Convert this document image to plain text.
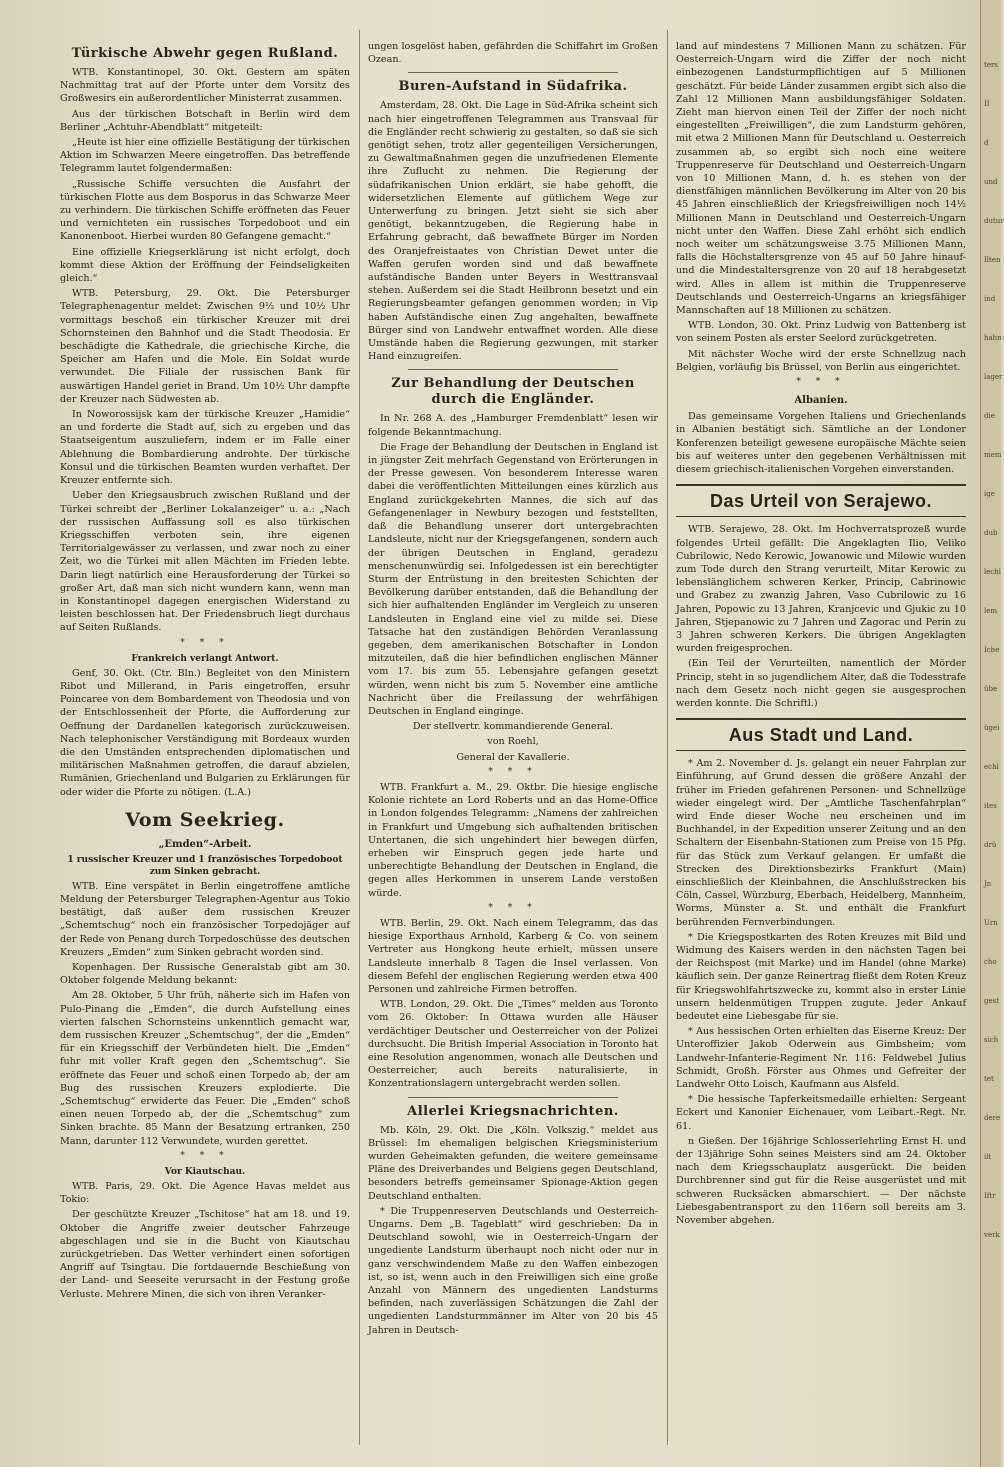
Türkische Abwehr gegen Rußland.

WTB. Konstantinopel, 30. Okt. Gestern am späten Nachmittag trat auf der Pforte unter dem Vorsitz des Großwesirs ein außerordentlicher Ministerrat zusammen.

Aus der türkischen Botschaft in Berlin wird dem Berliner „Achtuhr-Abendblatt“ mitgeteilt:

„Heute ist hier eine offizielle Bestätigung der türkischen Aktion im Schwarzen Meere eingetroffen. Das betreffende Telegramm lautet folgendermaßen:

„Russische Schiffe versuchten die Ausfahrt der türkischen Flotte aus dem Bosporus in das Schwarze Meer zu verhindern. Die türkischen Schiffe eröffneten das Feuer und vernichteten ein russisches Torpedoboot und ein Kanonenboot. Hierbei wurden 80 Gefangene gemacht.“

Eine offizielle Kriegserklärung ist nicht erfolgt, doch kommt diese Aktion der Eröffnung der Feindseligkeiten gleich.“

WTB. Petersburg, 29. Okt. Die Petersburger Telegraphenagentur meldet: Zwischen 9½ und 10½ Uhr vormittags beschoß ein türkischer Kreuzer mit drei Schornsteinen den Bahnhof und die Stadt Theodosia. Er beschädigte die Kathedrale, die griechische Kirche, die Speicher am Hafen und die Mole. Ein Soldat wurde verwundet. Die Filiale der russischen Bank für auswärtigen Handel geriet in Brand. Um 10½ Uhr dampfte der Kreuzer nach Südwesten ab.

In Noworossijsk kam der türkische Kreuzer „Hamidie“ an und forderte die Stadt auf, sich zu ergeben und das Staatseigentum auszuliefern, indem er im Falle einer Ablehnung die Bombardierung androhte. Der türkische Konsul und die türkischen Beamten wurden verhaftet. Der Kreuzer entfernte sich.

Ueber den Kriegsausbruch zwischen Rußland und der Türkei schreibt der „Berliner Lokalanzeiger“ u. a.: „Nach der russischen Auffassung soll es also türkischen Kriegsschiffen verboten sein, ihre eigenen Territorialgewässer zu verlassen, und zwar noch zu einer Zeit, wo die Türkei mit allen Mächten im Frieden lebte. Darin liegt natürlich eine Herausforderung der Türkei so großer Art, daß man sich nicht wundern kann, wenn man in Konstantinopel dagegen energischen Widerstand zu leisten beschlossen hat. Der Friedensbruch liegt durchaus auf Seiten Rußlands.

* * *
Frankreich verlangt Antwort.

Genf, 30. Okt. (Ctr. Bln.) Begleitet von den Ministern Ribot und Millerand, in Paris eingetroffen, ersuhr Poincaree von dem Bombardement von Theodosia und von der Entschlossenheit der Pforte, die Aufforderung zur Oeffnung der Dardanellen kategorisch zurückzuweisen. Nach telephonischer Verständigung mit Bordeaux wurden die den Umständen entsprechenden diplomatischen und militärischen Maßnahmen getroffen, die darauf abzielen, Rumänien, Griechenland und Bulgarien zu Erklärungen für oder wider die Pforte zu nötigen. (L.A.)

Vom Seekrieg.
„Emden“-Arbeit.
1 russischer Kreuzer und 1 französisches Torpedoboot zum Sinken gebracht.

WTB. Eine verspätet in Berlin eingetroffene amtliche Meldung der Petersburger Telegraphen-Agentur aus Tokio bestätigt, daß außer dem russischen Kreuzer „Schemtschug“ noch ein französischer Torpedojäger auf der Rede von Penang durch Torpedoschüsse des deutschen Kreuzers „Emden“ zum Sinken gebracht worden sind.

Kopenhagen. Der Russische Generalstab gibt am 30. Oktober folgende Meldung bekannt:

Am 28. Oktober, 5 Uhr früh, näherte sich im Hafen von Pulo-Pinang die „Emden“, die durch Aufstellung eines vierten falschen Schornsteins unkenntlich gemacht war, dem russischen Kreuzer „Schemtschug“, der die „Emden“ für ein Kriegsschiff der Verbündeten hielt. Die „Emden“ fuhr mit voller Kraft gegen den „Schemtschug“. Sie eröffnete das Feuer und schoß einen Torpedo ab, der am Bug des russischen Kreuzers explodierte. Die „Schemtschug“ erwiderte das Feuer. Die „Emden“ schoß einen neuen Torpedo ab, der die „Schemtschug“ zum Sinken brachte. 85 Mann der Besatzung ertranken, 250 Mann, darunter 112 Verwundete, wurden gerettet.

* * *
Vor Kiautschau.

WTB. Paris, 29. Okt. Die Agence Havas meldet aus Tokio:

Der geschützte Kreuzer „Tschitose“ hat am 18. und 19. Oktober die Angriffe zweier deutscher Fahrzeuge abgeschlagen und sie in die Bucht von Kiautschau zurückgetrieben. Das Wetter verhindert einen sofortigen Angriff auf Tsingtau. Die fortdauernde Beschießung von der Land- und Seeseite verursacht in der Festung große Verluste. Mehrere Minen, die sich von ihren Veranker-

ungen losgelöst haben, gefährden die Schiffahrt im Großen Ozean.

Buren-Aufstand in Südafrika.

Amsterdam, 28. Okt. Die Lage in Süd-Afrika scheint sich nach hier eingetroffenen Telegrammen aus Transvaal für die Engländer recht schwierig zu gestalten, so daß sie sich genötigt sehen, trotz aller gegenteiligen Versicherungen, zu Gewaltmaßnahmen gegen die unzufriedenen Elemente ihre Zuflucht zu nehmen. Die Regierung der südafrikanischen Union erklärt, sie habe gehofft, die widersetzlichen Elemente auf gütlichem Wege zur Unterwerfung zu bringen. Jetzt sieht sie sich aber genötigt, bekanntzugeben, die Regierung habe in Erfahrung gebracht, daß bewaffnete Bürger im Norden des Oranjefreistaates von Christian Dewet unter die Waffen gerufen worden sind und daß bewaffnete aufständische Banden unter Beyers in Westtransvaal stehen. Außerdem sei die Stadt Heilbronn besetzt und ein Regierungsbeamter gefangen genommen worden; in Vip haben Aufständische einen Zug angehalten, bewaffnete Bürger sind von Landwehr entwaffnet worden. Alle diese Umstände haben die Regierung gezwungen, mit starker Hand einzugreifen.

Zur Behandlung der Deutschen durch die Engländer.

In Nr. 268 A. des „Hamburger Fremdenblatt“ lesen wir folgende Bekanntmachung.

Die Frage der Behandlung der Deutschen in England ist in jüngster Zeit mehrfach Gegenstand von Erörterungen in der Presse gewesen. Von besonderem Interesse waren dabei die veröffentlichten Mitteilungen eines kürzlich aus England zurückgekehrten Mannes, die sich auf das Gefangenenlager in Newbury bezogen und feststellten, daß die Behandlung unserer dort untergebrachten Landsleute, nicht nur der Kriegsgefangenen, sondern auch der übrigen Deutschen in England, geradezu menschenunwürdig sei. Infolgedessen ist ein berechtigter Sturm der Entrüstung in den breitesten Schichten der Bevölkerung darüber entstanden, daß die Behandlung der sich hier aufhaltenden Engländer im Vergleich zu unseren Landsleuten in England eine viel zu milde sei. Diese Tatsache hat den zuständigen Behörden Veranlassung gegeben, dem amerikanischen Botschafter in London mitzuteilen, daß die hier befindlichen englischen Männer vom 17. bis zum 55. Lebensjahre gefangen gesetzt würden, wenn nicht bis zum 5. November eine amtliche Nachricht über die Freilassung der wehrfähigen Deutschen in England einginge.

Der stellvertr. kommandierende General.

von Roehl,

General der Kavallerie.

* * *

WTB. Frankfurt a. M., 29. Oktbr. Die hiesige englische Kolonie richtete an Lord Roberts und an das Home-Office in London folgendes Telegramm: „Namens der zahlreichen in Frankfurt und Umgebung sich aufhaltenden britischen Untertanen, die sich ungehindert hier bewegen dürfen, erheben wir Einspruch gegen jede harte und unberechtigte Behandlung der Deutschen in England, die gegen alles Herkommen in unserem Lande verstoßen würde.

* * *

WTB. Berlin, 29. Okt. Nach einem Telegramm, das das hiesige Exporthaus Arnhold, Karberg & Co. von seinem Vertreter aus Hongkong heute erhielt, müssen unsere Landsleute innerhalb 8 Tagen die Insel verlassen. Von diesem Befehl der englischen Regierung werden etwa 400 Personen und zahlreiche Firmen betroffen.

WTB. London, 29. Okt. Die „Times“ melden aus Toronto vom 26. Oktober: In Ottawa wurden alle Häuser verdächtiger Deutscher und Oesterreicher von der Polizei durchsucht. Die British Imperial Association in Toronto hat eine Resolution angenommen, wonach alle Deutschen und Oesterreicher, auch bereits naturalisierte, in Konzentrationslagern untergebracht werden sollen.

Allerlei Kriegsnachrichten.

Mb. Köln, 29. Okt. Die „Köln. Volkszig.“ meldet aus Brüssel: Im ehemaligen belgischen Kriegsministerium wurden Geheimakten gefunden, die weitere gemeinsame Pläne des Dreiverbandes und Belgiens gegen Deutschland, besonders betreffs gemeinsamer Spionage-Aktion gegen Deutschland enthalten.

* Die Truppenreserven Deutschlands und Oesterreich-Ungarns. Dem „B. Tageblatt“ wird geschrieben: Da in Deutschland sowohl, wie in Oesterreich-Ungarn der ungediente Landsturm überhaupt noch nicht oder nur in ganz verschwindendem Maße zu den Waffen einbezogen ist, so ist, wenn auch in den Freiwilligen sich eine große Anzahl von Männern des ungedienten Landsturms befinden, nach zuverlässigen Schätzungen die Zahl der ungedienten Landsturmmänner im Alter von 20 bis 45 Jahren in Deutsch-

land auf mindestens 7 Millionen Mann zu schätzen. Für Oesterreich-Ungarn wird die Ziffer der noch nicht einbezogenen Landsturmpflichtigen auf 5 Millionen geschätzt. Für beide Länder zusammen ergibt sich also die Zahl 12 Millionen Mann ausbildungsfähiger Soldaten. Zieht man hiervon einen Teil der Ziffer der noch nicht eingestellten „Freiwilligen“, die zum Landsturm gehören, mit etwa 2 Millionen Mann für Deutschland u. Oesterreich zusammen ab, so ergibt sich noch eine weitere Truppenreserve für Deutschland und Oesterreich-Ungarn von 10 Millionen Mann, d. h. es stehen von der dienstfähigen männlichen Bevölkerung im Alter von 20 bis 45 Jahren einschließlich der Kriegsfreiwilligen noch 14½ Millionen Mann in Deutschland und Oesterreich-Ungarn nicht unter den Waffen. Diese Zahl erhöht sich endlich noch weiter um schätzungsweise 3.75 Millionen Mann, falls die Höchstaltersgrenze von 45 auf 50 Jahre hinauf- und die Mindestaltersgrenze von 20 auf 18 herabgesetzt wird. Alles in allem ist mithin die Truppenreserve Deutschlands und Oesterreich-Ungarns an kriegsfähiger Mannschaften auf 18 Millionen zu schätzen.

WTB. London, 30. Okt. Prinz Ludwig von Battenberg ist von seinem Posten als erster Seelord zurückgetreten.

Mit nächster Woche wird der erste Schnellzug nach Belgien, vorläufig bis Brüssel, von Berlin aus eingerichtet.

* * *
Albanien.

Das gemeinsame Vorgehen Italiens und Griechenlands in Albanien bestätigt sich. Sämtliche an der Londoner Konferenzen beteiligt gewesene europäische Mächte seien bis auf weiteres unter den gegebenen Verhältnissen mit diesem griechisch-italienischen Vorgehen einverstanden.

Das Urteil von Serajewo.

WTB. Serajewo, 28. Okt. Im Hochverratsprozeß wurde folgendes Urteil gefällt: Die Angeklagten Ilio, Veliko Cubrilowic, Nedo Kerowic, Jowanowic und Milowic wurden zum Tode durch den Strang verurteilt, Mitar Kerowic zu lebenslänglichem schweren Kerker, Princip, Cabrinowic und Grabez zu zwanzig Jahren, Vaso Cubrilowic zu 16 Jahren, Popowic zu 13 Jahren, Kranjcevic und Gjukic zu 10 Jahren, Stjepanowic zu 7 Jahren und Zagorac und Perin zu 3 Jahren schweren Kerkers. Die übrigen Angeklagten wurden freigesprochen.

(Ein Teil der Verurteilten, namentlich der Mörder Princip, steht in so jugendlichem Alter, daß die Todesstrafe nach dem Gesetz noch nicht gegen sie ausgesprochen werden konnte. Die Schriftl.)

Aus Stadt und Land.

* Am 2. November d. Js. gelangt ein neuer Fahrplan zur Einführung, auf Grund dessen die größere Anzahl der früher im Frieden gefahrenen Personen- und Schnellzüge wieder eingelegt wird. Der „Amtliche Taschenfahrplan“ wird Ende dieser Woche neu erscheinen und im Buchhandel, in der Expedition unserer Zeitung und an den Schaltern der Eisenbahn-Stationen zum Preise von 15 Pfg. für das Stück zum Verkauf gelangen. Er umfaßt die Strecken des Direktionsbezirks Frankfurt (Main) einschließlich der Kleinbahnen, die Anschlußstrecken bis Cöln, Cassel, Würzburg, Eberbach, Heidelberg, Mannheim, Worms, Münster a. St. und enthält die Frankfurt berührenden Fernverbindungen.

* Die Kriegspostkarten des Roten Kreuzes mit Bild und Widmung des Kaisers werden in den nächsten Tagen bei der Reichspost (mit Marke) und im Handel (ohne Marke) käuflich sein. Der ganze Reinertrag fließt dem Roten Kreuz für Kriegswohlfahrtszwecke zu, kommt also in erster Linie unsern heldenmütigen Truppen zugute. Jeder Ankauf bedeutet eine Liebesgabe für sie.

* Aus hessischen Orten erhielten das Eiserne Kreuz: Der Unteroffizier Jakob Oderwein aus Gimbsheim; vom Landwehr-Infanterie-Regiment Nr. 116: Feldwebel Julius Schmidt, Großh. Förster aus Ohmes und Gefreiter der Landwehr Otto Loisch, Kaufmann aus Alsfeld.

* Die hessische Tapferkeitsmedaille erhielten: Sergeant Eckert und Kanonier Eichenauer, vom Leibart.-Regt. Nr. 61.

n Gießen. Der 16jährige Schlosserlehrling Ernst H. und der 13jährige Sohn seines Meisters sind am 24. Oktober nach dem Kriegsschauplatz ausgerückt. Die beiden Durchbrenner sind gut für die Reise ausgerüstet und mit schweren Rucksäcken abmarschiert. — Der nächste Liebesgabentransport zu den 116ern soll bereits am 3. November abgehen.

ters
II
d
und
dutur
Ilten
ind
hahn-
lager
die
mem
ige
dub
lechl
lem
Iche
übe
ügei
echl
ites
drü
Jn
Urn
cho
gest
sich
tet
dere
ilt
Iftr
verk
